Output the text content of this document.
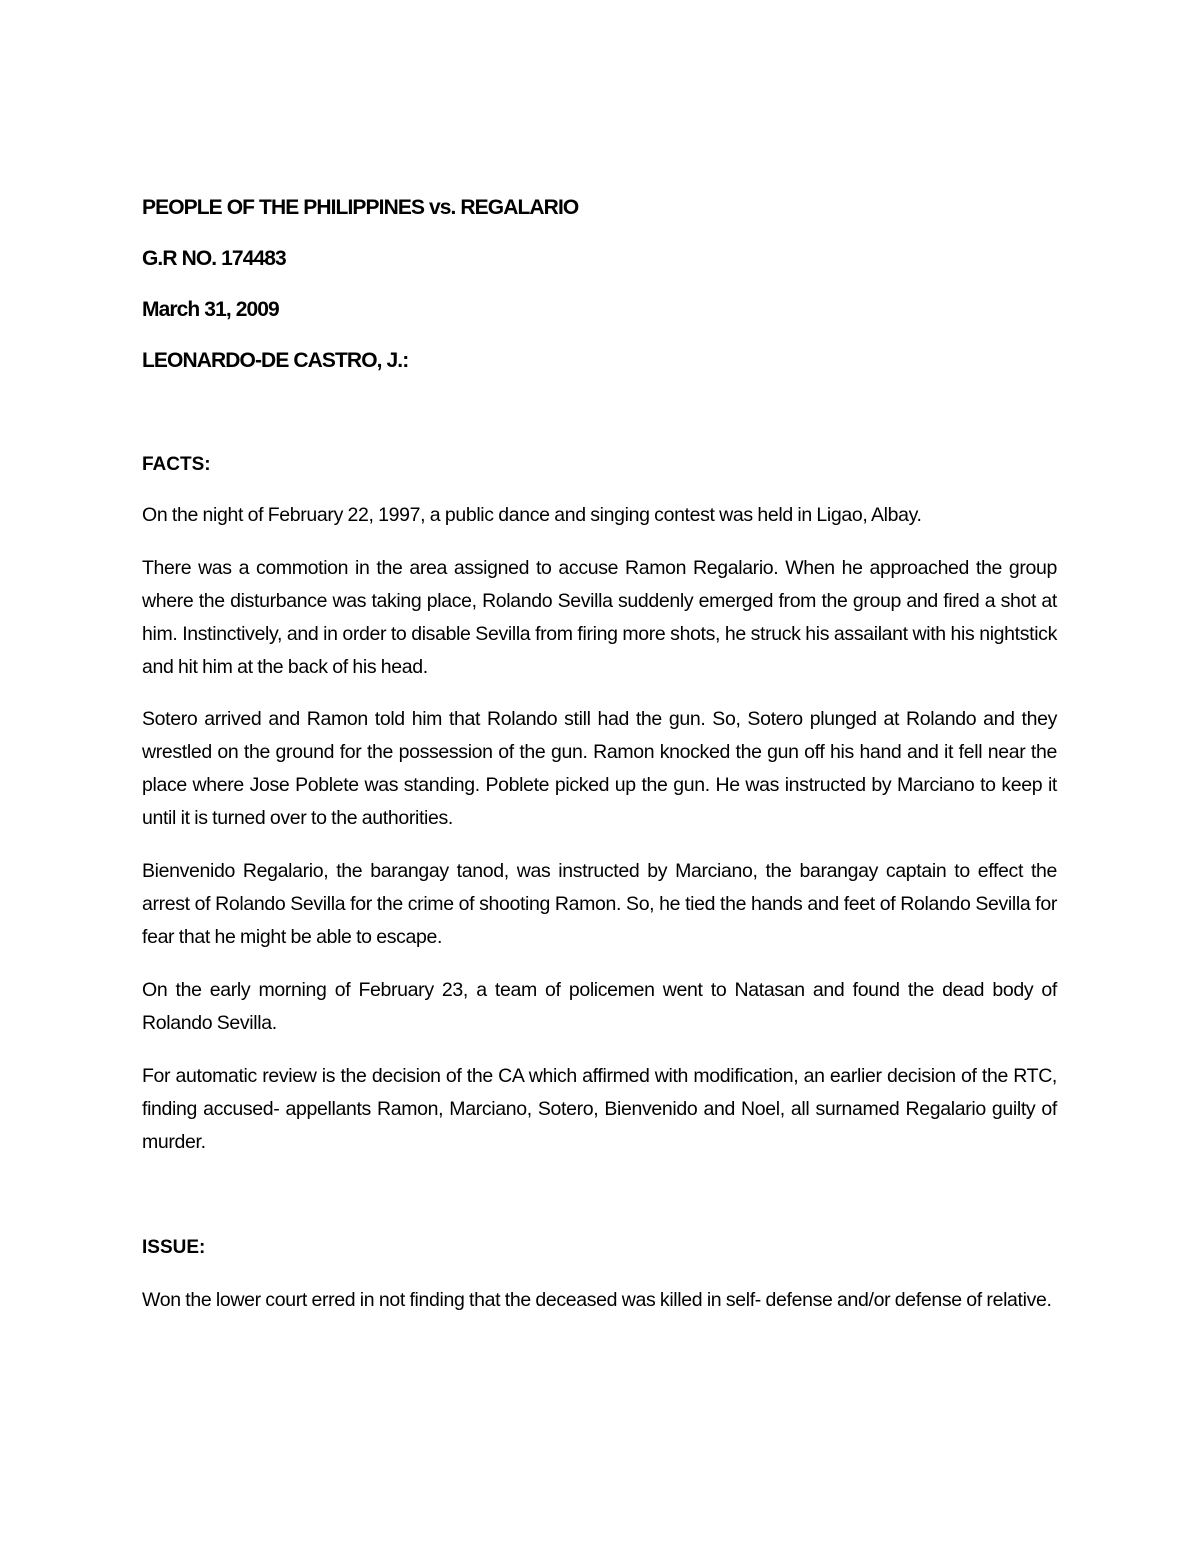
PEOPLE OF THE PHILIPPINES vs. REGALARIO
G.R NO. 174483
March 31, 2009
LEONARDO-DE CASTRO, J.:
FACTS:

On the night of February 22, 1997, a public dance and singing contest was held in Ligao, Albay.

There was a commotion in the area assigned to accuse Ramon Regalario. When he approached the group where the disturbance was taking place, Rolando Sevilla suddenly emerged from the group and fired a shot at him. Instinctively, and in order to disable Sevilla from firing more shots, he struck his assailant with his nightstick and hit him at the back of his head.

Sotero arrived and Ramon told him that Rolando still had the gun. So, Sotero plunged at Rolando and they wrestled on the ground for the possession of the gun. Ramon knocked the gun off his hand and it fell near the place where Jose Poblete was standing. Poblete picked up the gun. He was instructed by Marciano to keep it until it is turned over to the authorities.

Bienvenido Regalario, the barangay tanod, was instructed by Marciano, the barangay captain to effect the arrest of Rolando Sevilla for the crime of shooting Ramon. So, he tied the hands and feet of Rolando Sevilla for fear that he might be able to escape.

On the early morning of February 23, a team of policemen went to Natasan and found the dead body of Rolando Sevilla.

For automatic review is the decision of the CA which affirmed with modification, an earlier decision of the RTC, finding accused- appellants Ramon, Marciano, Sotero, Bienvenido and Noel, all surnamed Regalario guilty of murder.

ISSUE:

Won the lower court erred in not finding that the deceased was killed in self- defense and/or defense of relative.
